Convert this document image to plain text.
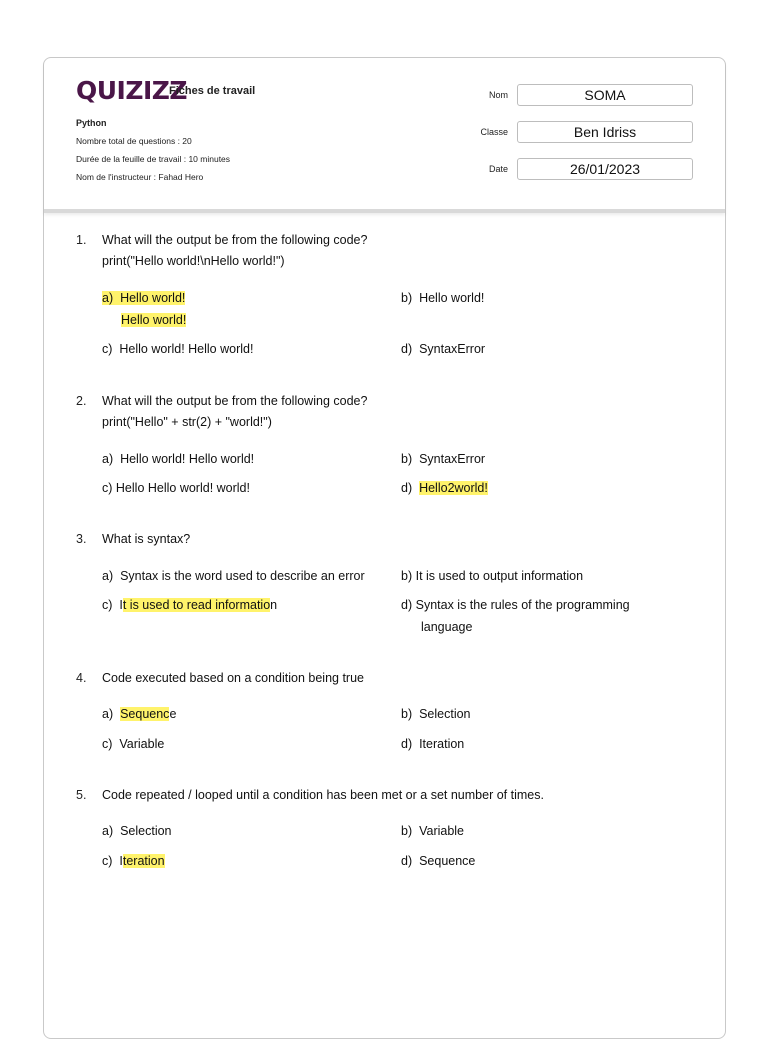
QUIZIZZ
Fiches de travail
Python
Nombre total de questions : 20
Durée de la feuille de travail : 10 minutes
Nom de l'instructeur : Fahad Hero
Nom	SOMA
Classe	Ben Idriss
Date	26/01/2023
1. What will the output be from the following code?
print("Hello world!\nHello world!")
a) Hello world!
Hello world!
b) Hello world!
c) Hello world! Hello world!	d) SyntaxError
2. What will the output be from the following code?
print("Hello" + str(2) + "world!")
a) Hello world! Hello world!	b) SyntaxError
c) Hello Hello world! world!	d) Hello2world!
3. What is syntax?
a) Syntax is the word used to describe an error	b) It is used to output information
c) It is used to read information	d) Syntax is the rules of the programming
language
4. Code executed based on a condition being true
a) Sequence	b) Selection
c) Variable	d) Iteration
5. Code repeated / looped until a condition has been met or a set number of times.
a) Selection	b) Variable
c) Iteration	d) Sequence
